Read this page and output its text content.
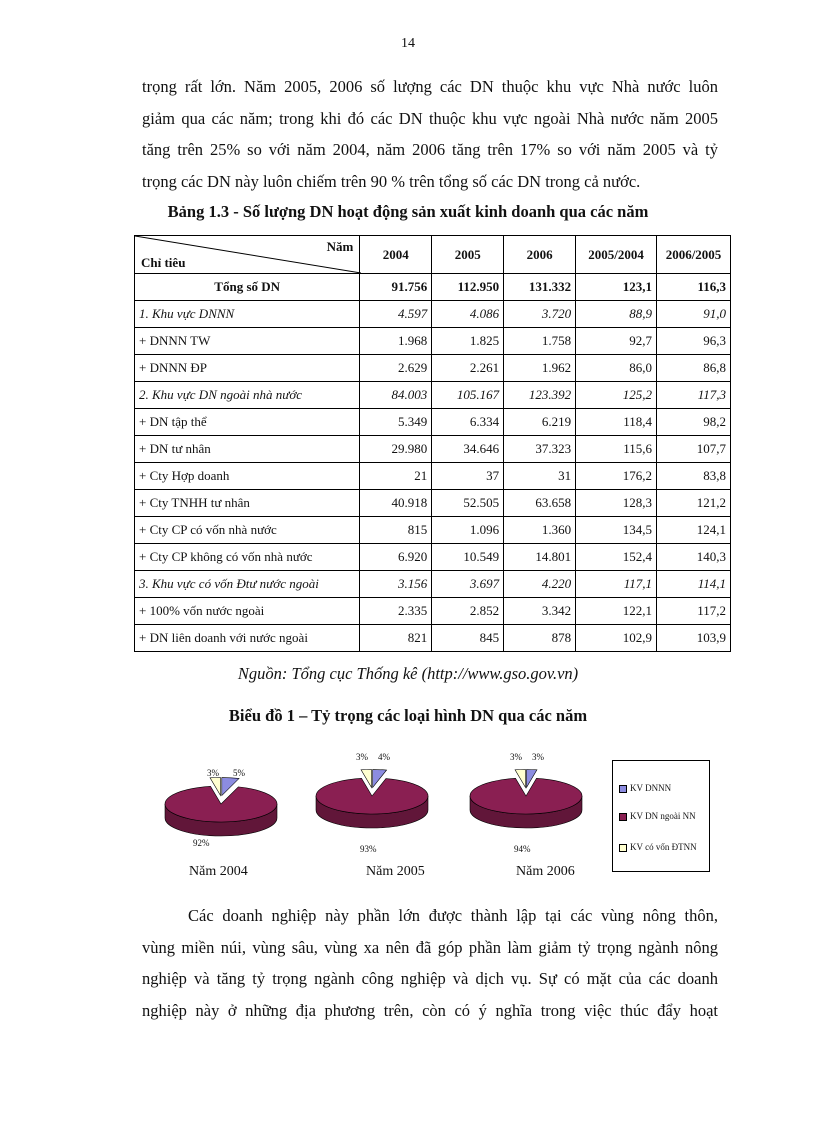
14
trọng rất lớn. Năm 2005, 2006 số lượng các DN thuộc khu vực Nhà nước luôn
giảm qua các năm; trong khi đó các DN thuộc khu vực ngoài Nhà nước năm 2005
tăng trên 25% so với năm 2004, năm 2006 tăng trên 17% so với năm 2005 và tỷ
trọng các DN này luôn chiếm trên 90 % trên tổng số các DN trong cả nước.
Bảng 1.3 - Số lượng DN hoạt động sản xuất kinh doanh qua các năm
Năm
Chỉ tiêu	2004	2005	2006	2005/2004	2006/2005
Tổng số DN	91.756	112.950	131.332	123,1	116,3
1. Khu vực DNNN	4.597	4.086	3.720	88,9	91,0
+ DNNN TW	1.968	1.825	1.758	92,7	96,3
+ DNNN ĐP	2.629	2.261	1.962	86,0	86,8
2. Khu vực DN ngoài nhà nước	84.003	105.167	123.392	125,2	117,3
+ DN tập thể	5.349	6.334	6.219	118,4	98,2
+ DN tư nhân	29.980	34.646	37.323	115,6	107,7
+ Cty Hợp doanh	21	37	31	176,2	83,8
+ Cty TNHH tư nhân	40.918	52.505	63.658	128,3	121,2
+ Cty CP có vốn nhà nước	815	1.096	1.360	134,5	124,1
+ Cty CP không có vốn nhà nước	6.920	10.549	14.801	152,4	140,3
3. Khu vực có vốn Đtư nước ngoài	3.156	3.697	4.220	117,1	114,1
+ 100% vốn nước ngoài	2.335	2.852	3.342	122,1	117,2
+ DN liên doanh với nước ngoài	821	845	878	102,9	103,9
Nguồn: Tổng cục Thống kê (http://www.gso.gov.vn)
Biểu đồ 1 – Tỷ trọng các loại hình DN qua các năm
5%
92%
3%
4%
93%
3%	3%
94%
3%
Năm 2004	Năm 2005	Năm 2006
KV DNNN
KV DN ngoài NN
KV có vốn ĐTNN
Các doanh nghiệp này phần lớn được thành lập tại các vùng nông thôn,
vùng miền núi, vùng sâu, vùng xa nên đã góp phần làm giảm tỷ trọng ngành nông
nghiệp và tăng tỷ trọng ngành công nghiệp và dịch vụ. Sự có mặt của các doanh
nghiệp này ở những địa phương trên, còn có ý nghĩa trong việc thúc đẩy hoạt
